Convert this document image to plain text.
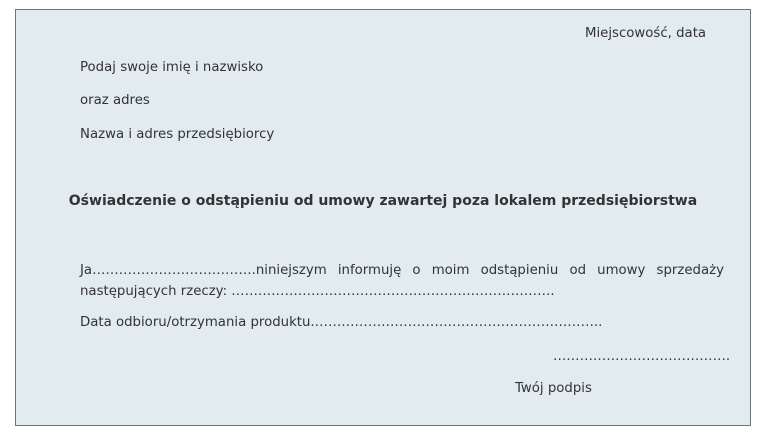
Miejscowość, data
Podaj swoje imię i nazwisko
oraz adres
Nazwa i adres przedsiębiorcy
Oświadczenie o odstąpieniu od umowy zawartej poza lokalem przedsiębiorstwa
Ja……………………………….niniejszym informuję o moim odstąpieniu od umowy sprzedaży następujących rzeczy: ……………………………………………………………….
Data odbioru/otrzymania produktu.………………………………………………………..
………………………………….
Twój podpis
